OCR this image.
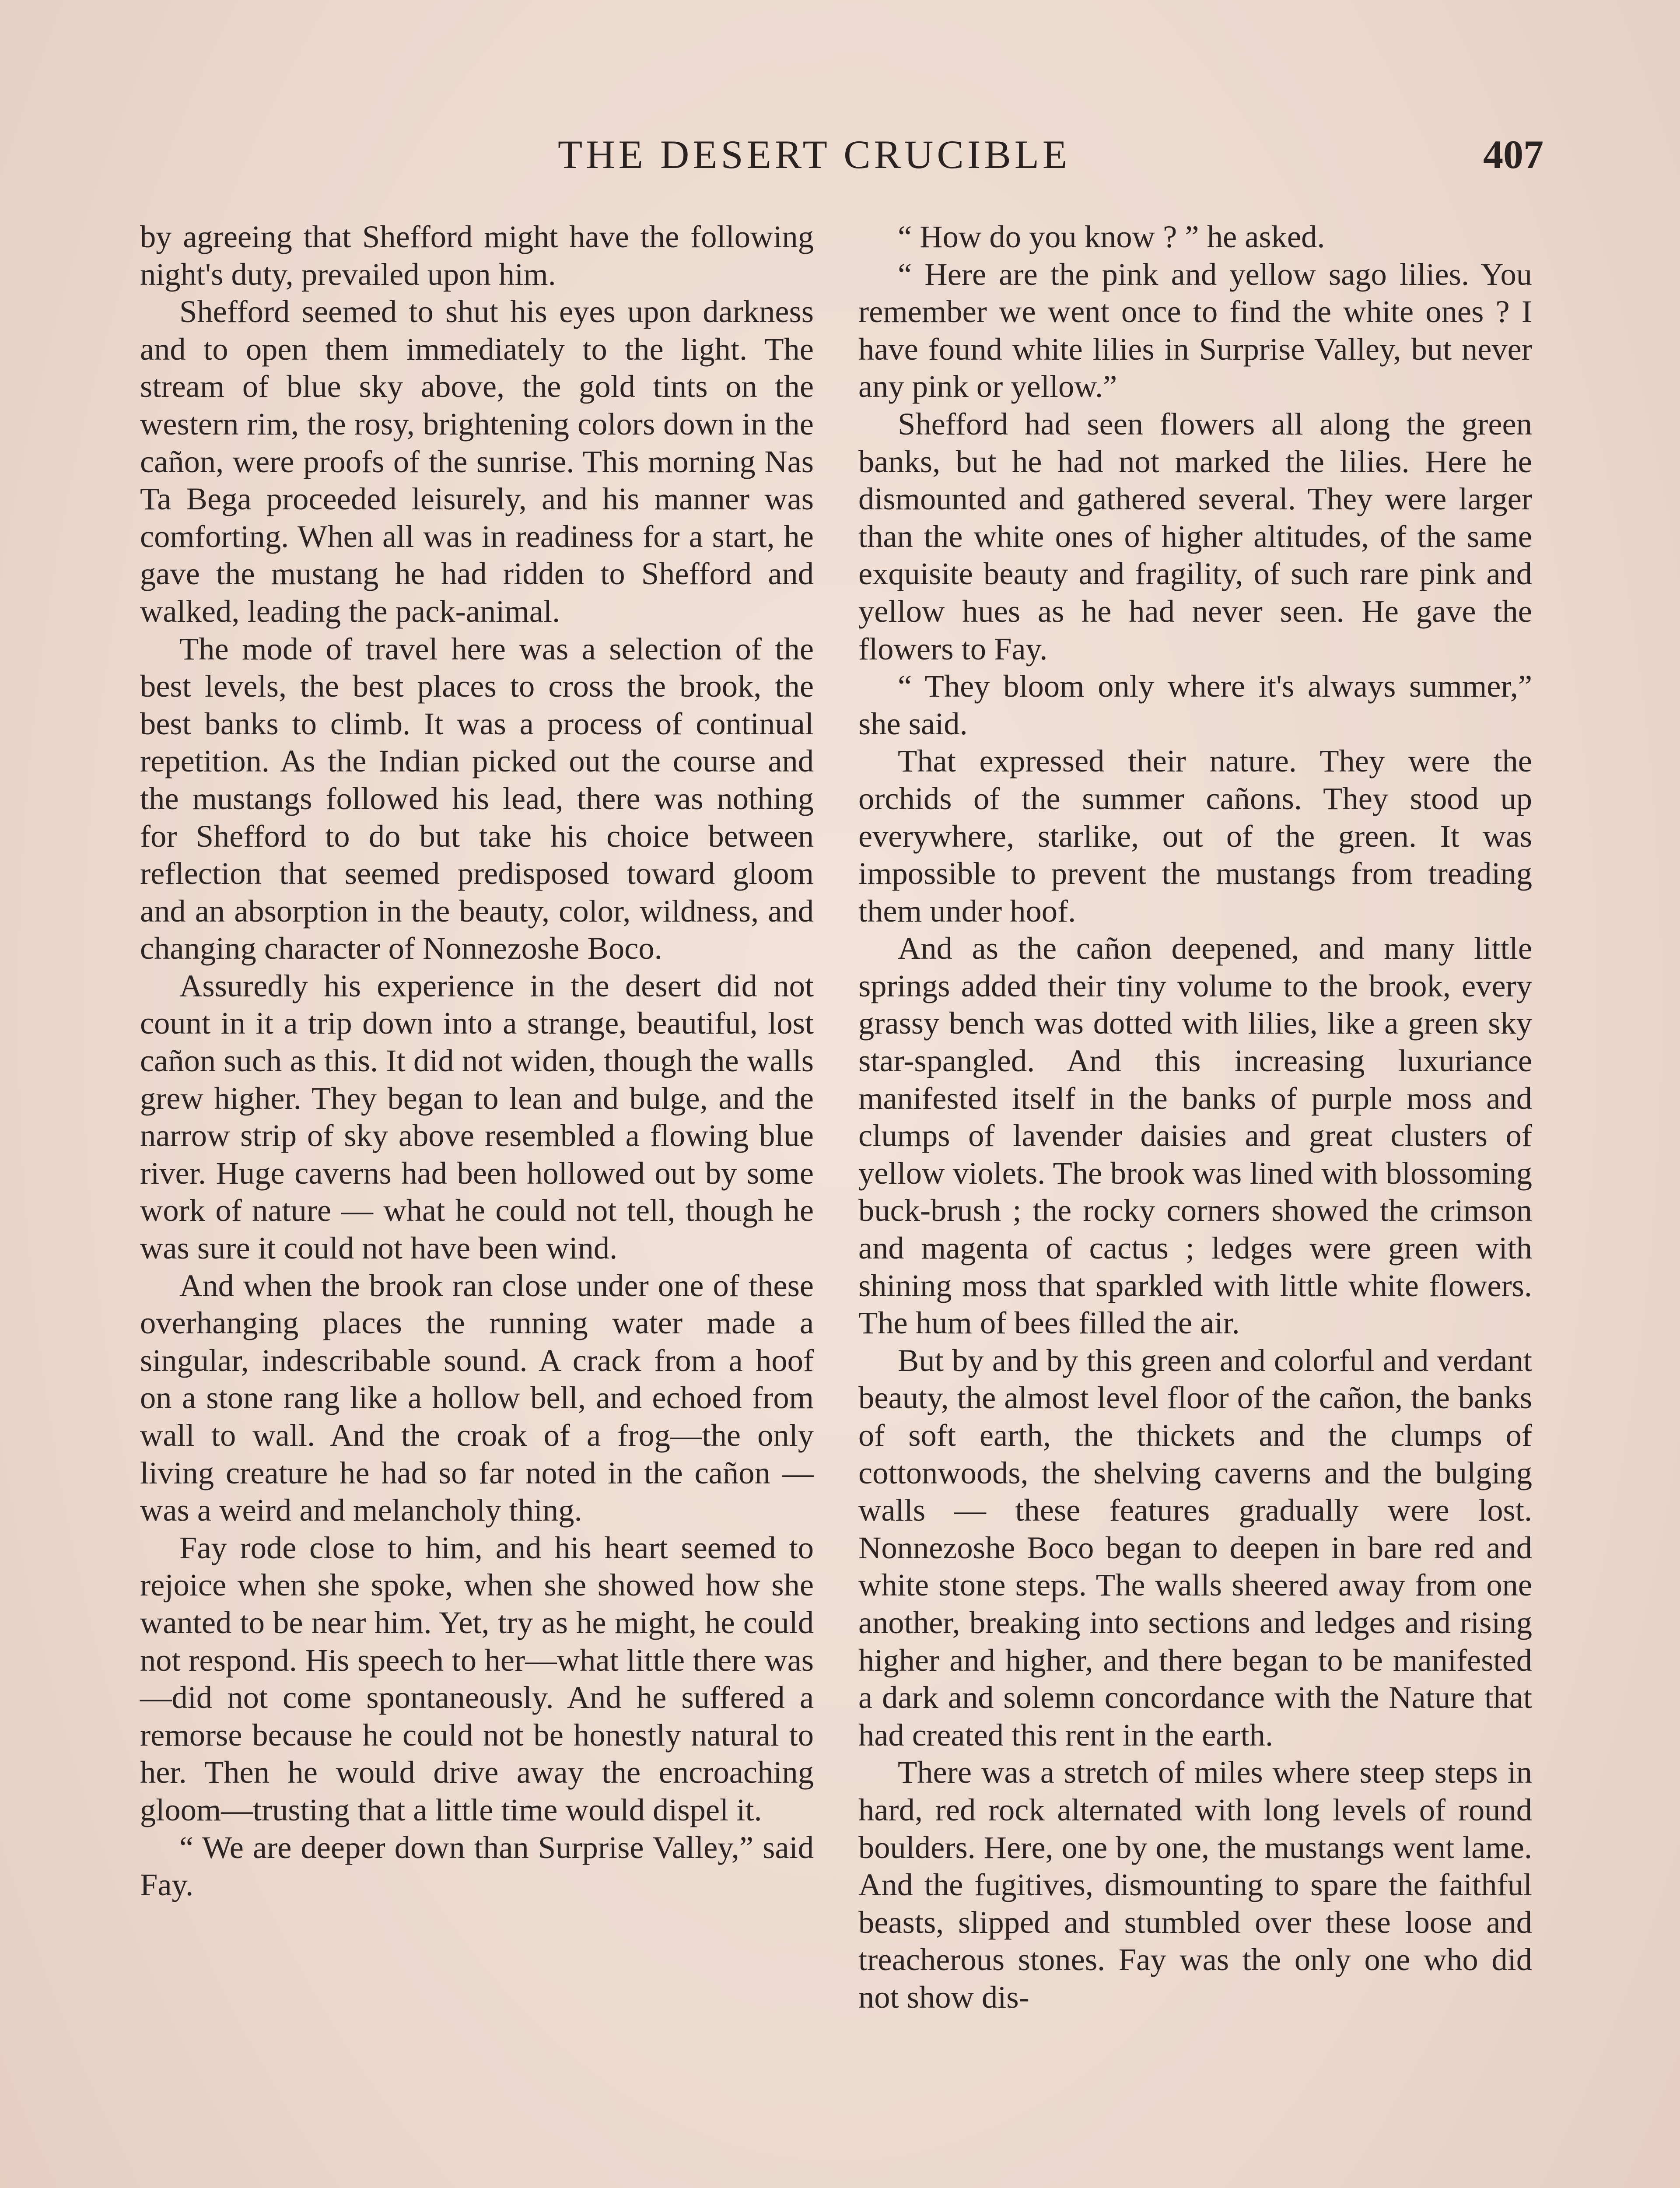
THE DESERT CRUCIBLE	407

by agreeing that Shefford might have the following night's duty, prevailed upon him.

Shefford seemed to shut his eyes upon darkness and to open them immediately to the light. The stream of blue sky above, the gold tints on the western rim, the rosy, brightening colors down in the cañon, were proofs of the sunrise. This morning Nas Ta Bega proceeded leisurely, and his manner was comforting. When all was in readiness for a start, he gave the mustang he had ridden to Shefford and walked, leading the pack-animal.

The mode of travel here was a selection of the best levels, the best places to cross the brook, the best banks to climb. It was a process of continual repetition. As the Indian picked out the course and the mustangs followed his lead, there was nothing for Shefford to do but take his choice between reflection that seemed predisposed toward gloom and an absorption in the beauty, color, wildness, and changing character of Nonnezoshe Boco.

Assuredly his experience in the desert did not count in it a trip down into a strange, beautiful, lost cañon such as this. It did not widen, though the walls grew higher. They began to lean and bulge, and the narrow strip of sky above resembled a flowing blue river. Huge caverns had been hollowed out by some work of nature — what he could not tell, though he was sure it could not have been wind.

And when the brook ran close under one of these overhanging places the running water made a singular, indescribable sound. A crack from a hoof on a stone rang like a hollow bell, and echoed from wall to wall. And the croak of a frog—the only living creature he had so far noted in the cañon — was a weird and melancholy thing.

Fay rode close to him, and his heart seemed to rejoice when she spoke, when she showed how she wanted to be near him. Yet, try as he might, he could not respond. His speech to her—what little there was—did not come spontaneously. And he suffered a remorse because he could not be honestly natural to her. Then he would drive away the encroaching gloom—trusting that a little time would dispel it.

“ We are deeper down than Surprise Valley,” said Fay.

“ How do you know ? ” he asked.

“ Here are the pink and yellow sago lilies. You remember we went once to find the white ones ? I have found white lilies in Surprise Valley, but never any pink or yellow.”

Shefford had seen flowers all along the green banks, but he had not marked the lilies. Here he dismounted and gathered several. They were larger than the white ones of higher altitudes, of the same exquisite beauty and fragility, of such rare pink and yellow hues as he had never seen. He gave the flowers to Fay.

“ They bloom only where it's always summer,” she said.

That expressed their nature. They were the orchids of the summer cañons. They stood up everywhere, starlike, out of the green. It was impossible to prevent the mustangs from treading them under hoof.

And as the cañon deepened, and many little springs added their tiny volume to the brook, every grassy bench was dotted with lilies, like a green sky star-spangled. And this increasing luxuriance manifested itself in the banks of purple moss and clumps of lavender daisies and great clusters of yellow violets. The brook was lined with blossoming buck-brush ; the rocky corners showed the crimson and magenta of cactus ; ledges were green with shining moss that sparkled with little white flowers. The hum of bees filled the air.

But by and by this green and colorful and verdant beauty, the almost level floor of the cañon, the banks of soft earth, the thickets and the clumps of cottonwoods, the shelving caverns and the bulging walls — these features gradually were lost. Nonnezoshe Boco began to deepen in bare red and white stone steps. The walls sheered away from one another, breaking into sections and ledges and rising higher and higher, and there began to be manifested a dark and solemn concordance with the Nature that had created this rent in the earth.

There was a stretch of miles where steep steps in hard, red rock alternated with long levels of round boulders. Here, one by one, the mustangs went lame. And the fugitives, dismounting to spare the faithful beasts, slipped and stumbled over these loose and treacherous stones. Fay was the only one who did not show dis-
